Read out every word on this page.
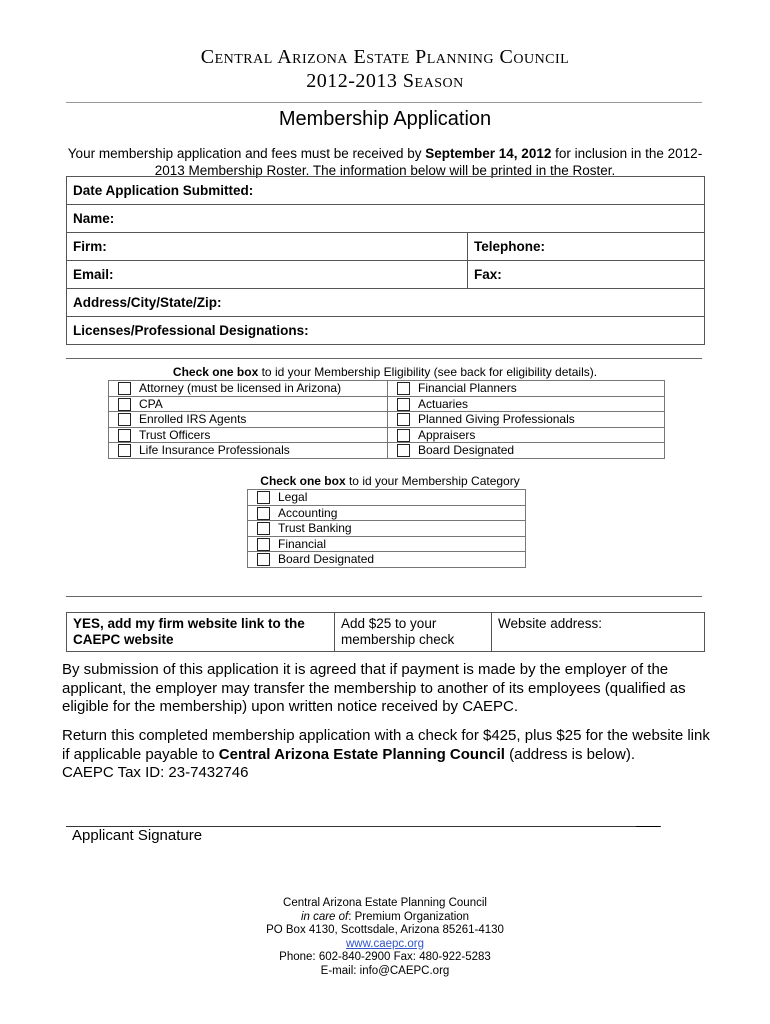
Central Arizona Estate Planning Council
2012-2013 Season
Membership Application
Your membership application and fees must be received by September 14, 2012 for inclusion in the 2012-2013 Membership Roster. The information below will be printed in the Roster.
Date Application Submitted:	
Name:	
Firm:	Telephone:
Email:	Fax:
Address/City/State/Zip:	
Licenses/Professional Designations:	
Check one box to id your Membership Eligibility (see back for eligibility details).
Attorney (must be licensed in Arizona)	Financial Planners
CPA	Actuaries
Enrolled IRS Agents	Planned Giving Professionals
Trust Officers	Appraisers
Life Insurance Professionals	Board Designated
Check one box to id your Membership Category
Legal
Accounting
Trust Banking
Financial
Board Designated
YES, add my firm website link to the CAEPC website	Add $25 to your membership check	Website address:
By submission of this application it is agreed that if payment is made by the employer of the applicant, the employer may transfer the membership to another of its employees (qualified as eligible for the membership) upon written notice received by CAEPC.
Return this completed membership application with a check for $425, plus $25 for the website link if applicable payable to Central Arizona Estate Planning Council (address is below).
CAEPC Tax ID: 23-7432746
Applicant Signature
Central Arizona Estate Planning Council
in care of: Premium Organization
PO Box 4130, Scottsdale, Arizona 85261-4130
www.caepc.org
Phone: 602-840-2900 Fax: 480-922-5283
E-mail: info@CAEPC.org
